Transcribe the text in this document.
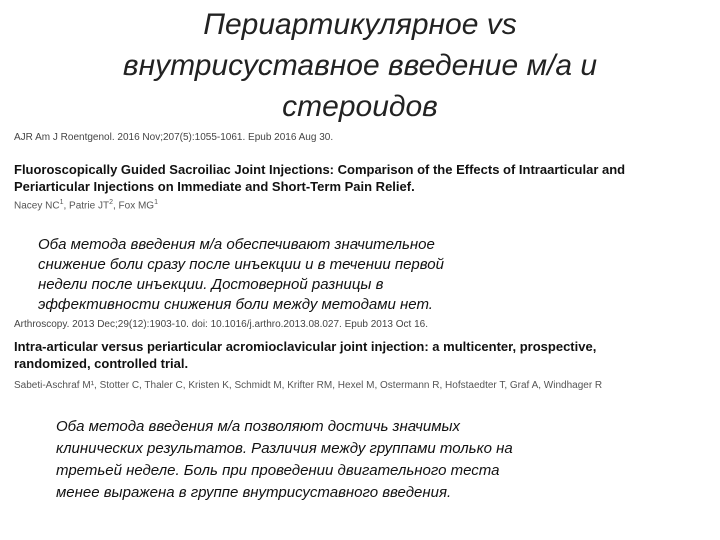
Периартикулярное vs
внутрисуставное введение м/а и
стероидов
AJR Am J Roentgenol. 2016 Nov;207(5):1055-1061. Epub 2016 Aug 30.
Fluoroscopically Guided Sacroiliac Joint Injections: Comparison of the Effects of Intraarticular and
Periarticular Injections on Immediate and Short-Term Pain Relief.
Nacey $NC^1$, Patrie $JT^2$, Fox $MG^1$
Оба метода введения м/а обеспечивают значительное
снижение боли сразу после инъекции и в течении первой
недели после инъекции. Достоверной разницы в
эффективности снижения боли между методами нет.
Arthroscopy. 2013 Dec;29(12):1903-10. doi: 10.1016/j.arthro.2013.08.027. Epub 2013 Oct 16.
Intra-articular versus periarticular acromioclavicular joint injection: a multicenter, prospective,
randomized, controlled trial.
Sabeti-Aschraf M¹, Stotter C, Thaler C, Kristen K, Schmidt M, Krifter RM, Hexel M, Ostermann R, Hofstaedter T, Graf A, Windhager R
Оба метода введения м/а позволяют достичь значимых
клинических результатов. Различия между группами только на
третьей неделе. Боль при проведении двигательного теста
менее выражена в группе внутрисуставного введения.
